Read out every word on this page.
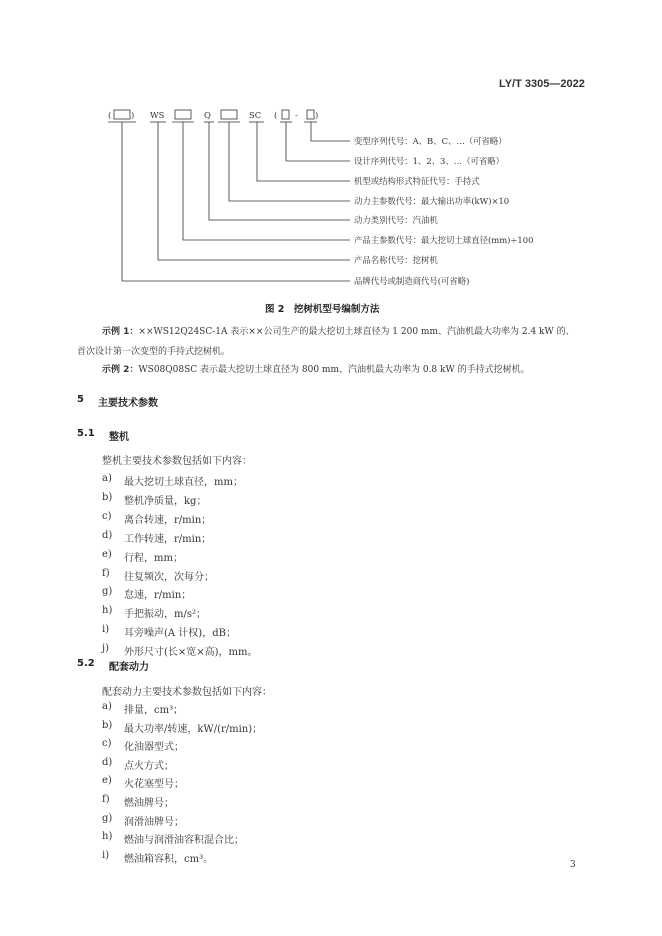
LY/T 3305—2022
( ) WS	Q	SC ( - )
变型序列代号：A、B、C、…（可省略）
设计序列代号：1、2、3、…（可省略）
机型或结构形式特征代号：手持式
动力主参数代号：最大输出功率(kW)×10
动力类别代号：汽油机
产品主参数代号：最大挖切土球直径(mm)÷100
产品名称代号：挖树机
品牌代号或制造商代号(可省略)
图 2　挖树机型号编制方法
示例 1：××WS12Q24SC-1A 表示××公司生产的最大挖切土球直径为 1 200 mm、汽油机最大功率为 2.4 kW 的、
首次设计第一次变型的手持式挖树机。
示例 2：WS08Q08SC 表示最大挖切土球直径为 800 mm、汽油机最大功率为 0.8 kW 的手持式挖树机。
5 主要技术参数
5.1 整机
整机主要技术参数包括如下内容：
a) 最大挖切土球直径，mm；
b) 整机净质量，kg；
c) 离合转速，r/min；
d) 工作转速，r/min；
e) 行程，mm；
f) 往复频次，次每分；
g) 怠速，r/min；
h) 手把振动，m/s²；
i) 耳旁噪声(A 计权)，dB；
j) 外形尺寸(长×宽×高)，mm。
5.2 配套动力
配套动力主要技术参数包括如下内容：
a) 排量，cm³；
b) 最大功率/转速，kW/(r/min)；
c) 化油器型式；
d) 点火方式；
e) 火花塞型号；
f) 燃油牌号；
g) 润滑油牌号；
h) 燃油与润滑油容积混合比；
i) 燃油箱容积，cm³。
3
